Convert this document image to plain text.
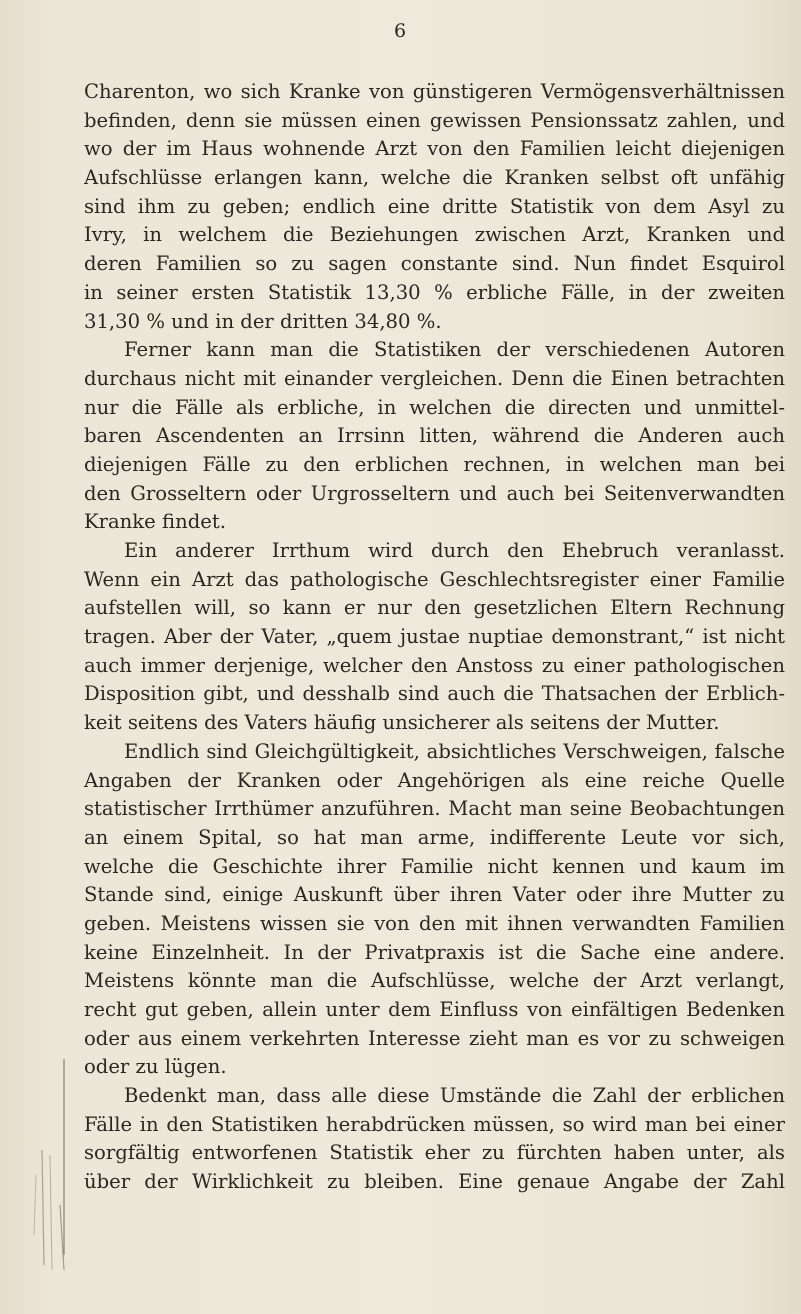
6
Charenton, wo sich Kranke von günstigeren Vermögensverhältnissen
befinden, denn sie müssen einen gewissen Pensionssatz zahlen, und
wo der im Haus wohnende Arzt von den Familien leicht diejenigen
Aufschlüsse erlangen kann, welche die Kranken selbst oft unfähig
sind ihm zu geben; endlich eine dritte Statistik von dem Asyl zu
Ivry, in welchem die Beziehungen zwischen Arzt, Kranken und
deren Familien so zu sagen constante sind. Nun findet Esquirol
in seiner ersten Statistik 13,30 % erbliche Fälle, in der zweiten
31,30 % und in der dritten 34,80 %.
Ferner kann man die Statistiken der verschiedenen Autoren
durchaus nicht mit einander vergleichen. Denn die Einen betrachten
nur die Fälle als erbliche, in welchen die directen und unmittel-
baren Ascendenten an Irrsinn litten, während die Anderen auch
diejenigen Fälle zu den erblichen rechnen, in welchen man bei
den Grosseltern oder Urgrosseltern und auch bei Seitenverwandten
Kranke findet.
Ein anderer Irrthum wird durch den Ehebruch veranlasst.
Wenn ein Arzt das pathologische Geschlechtsregister einer Familie
aufstellen will, so kann er nur den gesetzlichen Eltern Rechnung
tragen. Aber der Vater, „quem justae nuptiae demonstrant,“ ist nicht
auch immer derjenige, welcher den Anstoss zu einer pathologischen
Disposition gibt, und desshalb sind auch die Thatsachen der Erblich-
keit seitens des Vaters häufig unsicherer als seitens der Mutter.
Endlich sind Gleichgültigkeit, absichtliches Verschweigen, falsche
Angaben der Kranken oder Angehörigen als eine reiche Quelle
statistischer Irrthümer anzuführen. Macht man seine Beobachtungen
an einem Spital, so hat man arme, indifferente Leute vor sich,
welche die Geschichte ihrer Familie nicht kennen und kaum im
Stande sind, einige Auskunft über ihren Vater oder ihre Mutter zu
geben. Meistens wissen sie von den mit ihnen verwandten Familien
keine Einzelnheit. In der Privatpraxis ist die Sache eine andere.
Meistens könnte man die Aufschlüsse, welche der Arzt verlangt,
recht gut geben, allein unter dem Einfluss von einfältigen Bedenken
oder aus einem verkehrten Interesse zieht man es vor zu schweigen
oder zu lügen.
Bedenkt man, dass alle diese Umstände die Zahl der erblichen
Fälle in den Statistiken herabdrücken müssen, so wird man bei einer
sorgfältig entworfenen Statistik eher zu fürchten haben unter, als
über der Wirklichkeit zu bleiben. Eine genaue Angabe der Zahl
